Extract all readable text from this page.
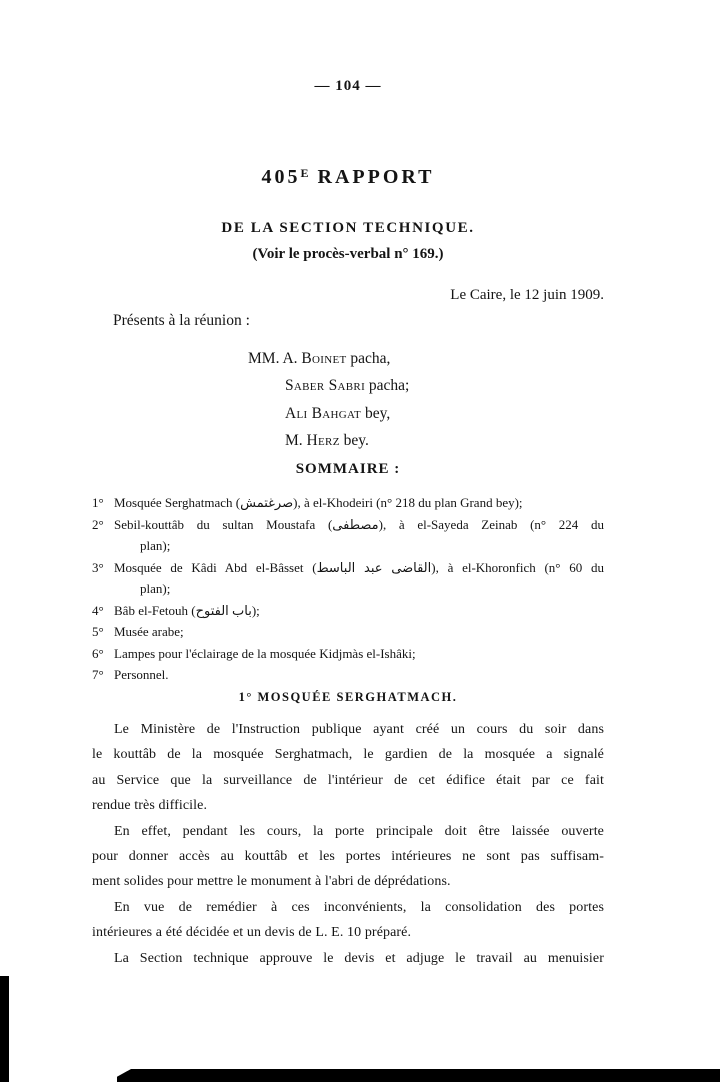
— 104 —
$405^E$ RAPPORT
DE LA SECTION TECHNIQUE.
(Voir le procès-verbal n° 169.)
Le Caire, le 12 juin 1909.
Présents à la réunion :
MM. A. Boinet pacha,
Saber Sabri pacha;
Ali Bahgat bey,
M. Herz bey.
SOMMAIRE :
1° Mosquée Serghatmach (صرغتمش), à el-Khodeiri (n° 218 du plan Grand bey);
2° Sebil-kouttâb du sultan Moustafa (مصطفى), à el-Sayeda Zeinab (n° 224 du
plan);
3° Mosquée de Kâdi Abd el-Bâsset (القاضى عبد الباسط), à el-Khoronfich (n° 60 du
plan);
4° Bâb el-Fetouh (باب الفتوح);
5° Musée arabe;
6° Lampes pour l'éclairage de la mosquée Kidjmàs el-Ishâki;
7° Personnel.
1° MOSQUÉE SERGHATMACH.
Le Ministère de l'Instruction publique ayant créé un cours du soir dans
le kouttâb de la mosquée Serghatmach, le gardien de la mosquée a signalé
au Service que la surveillance de l'intérieur de cet édifice était par ce fait
rendue très difficile.
En effet, pendant les cours, la porte principale doit être laissée ouverte
pour donner accès au kouttâb et les portes intérieures ne sont pas suffisam-
ment solides pour mettre le monument à l'abri de déprédations.
En vue de remédier à ces inconvénients, la consolidation des portes
intérieures a été décidée et un devis de L. E. 10 préparé.
La Section technique approuve le devis et adjuge le travail au menuisier
